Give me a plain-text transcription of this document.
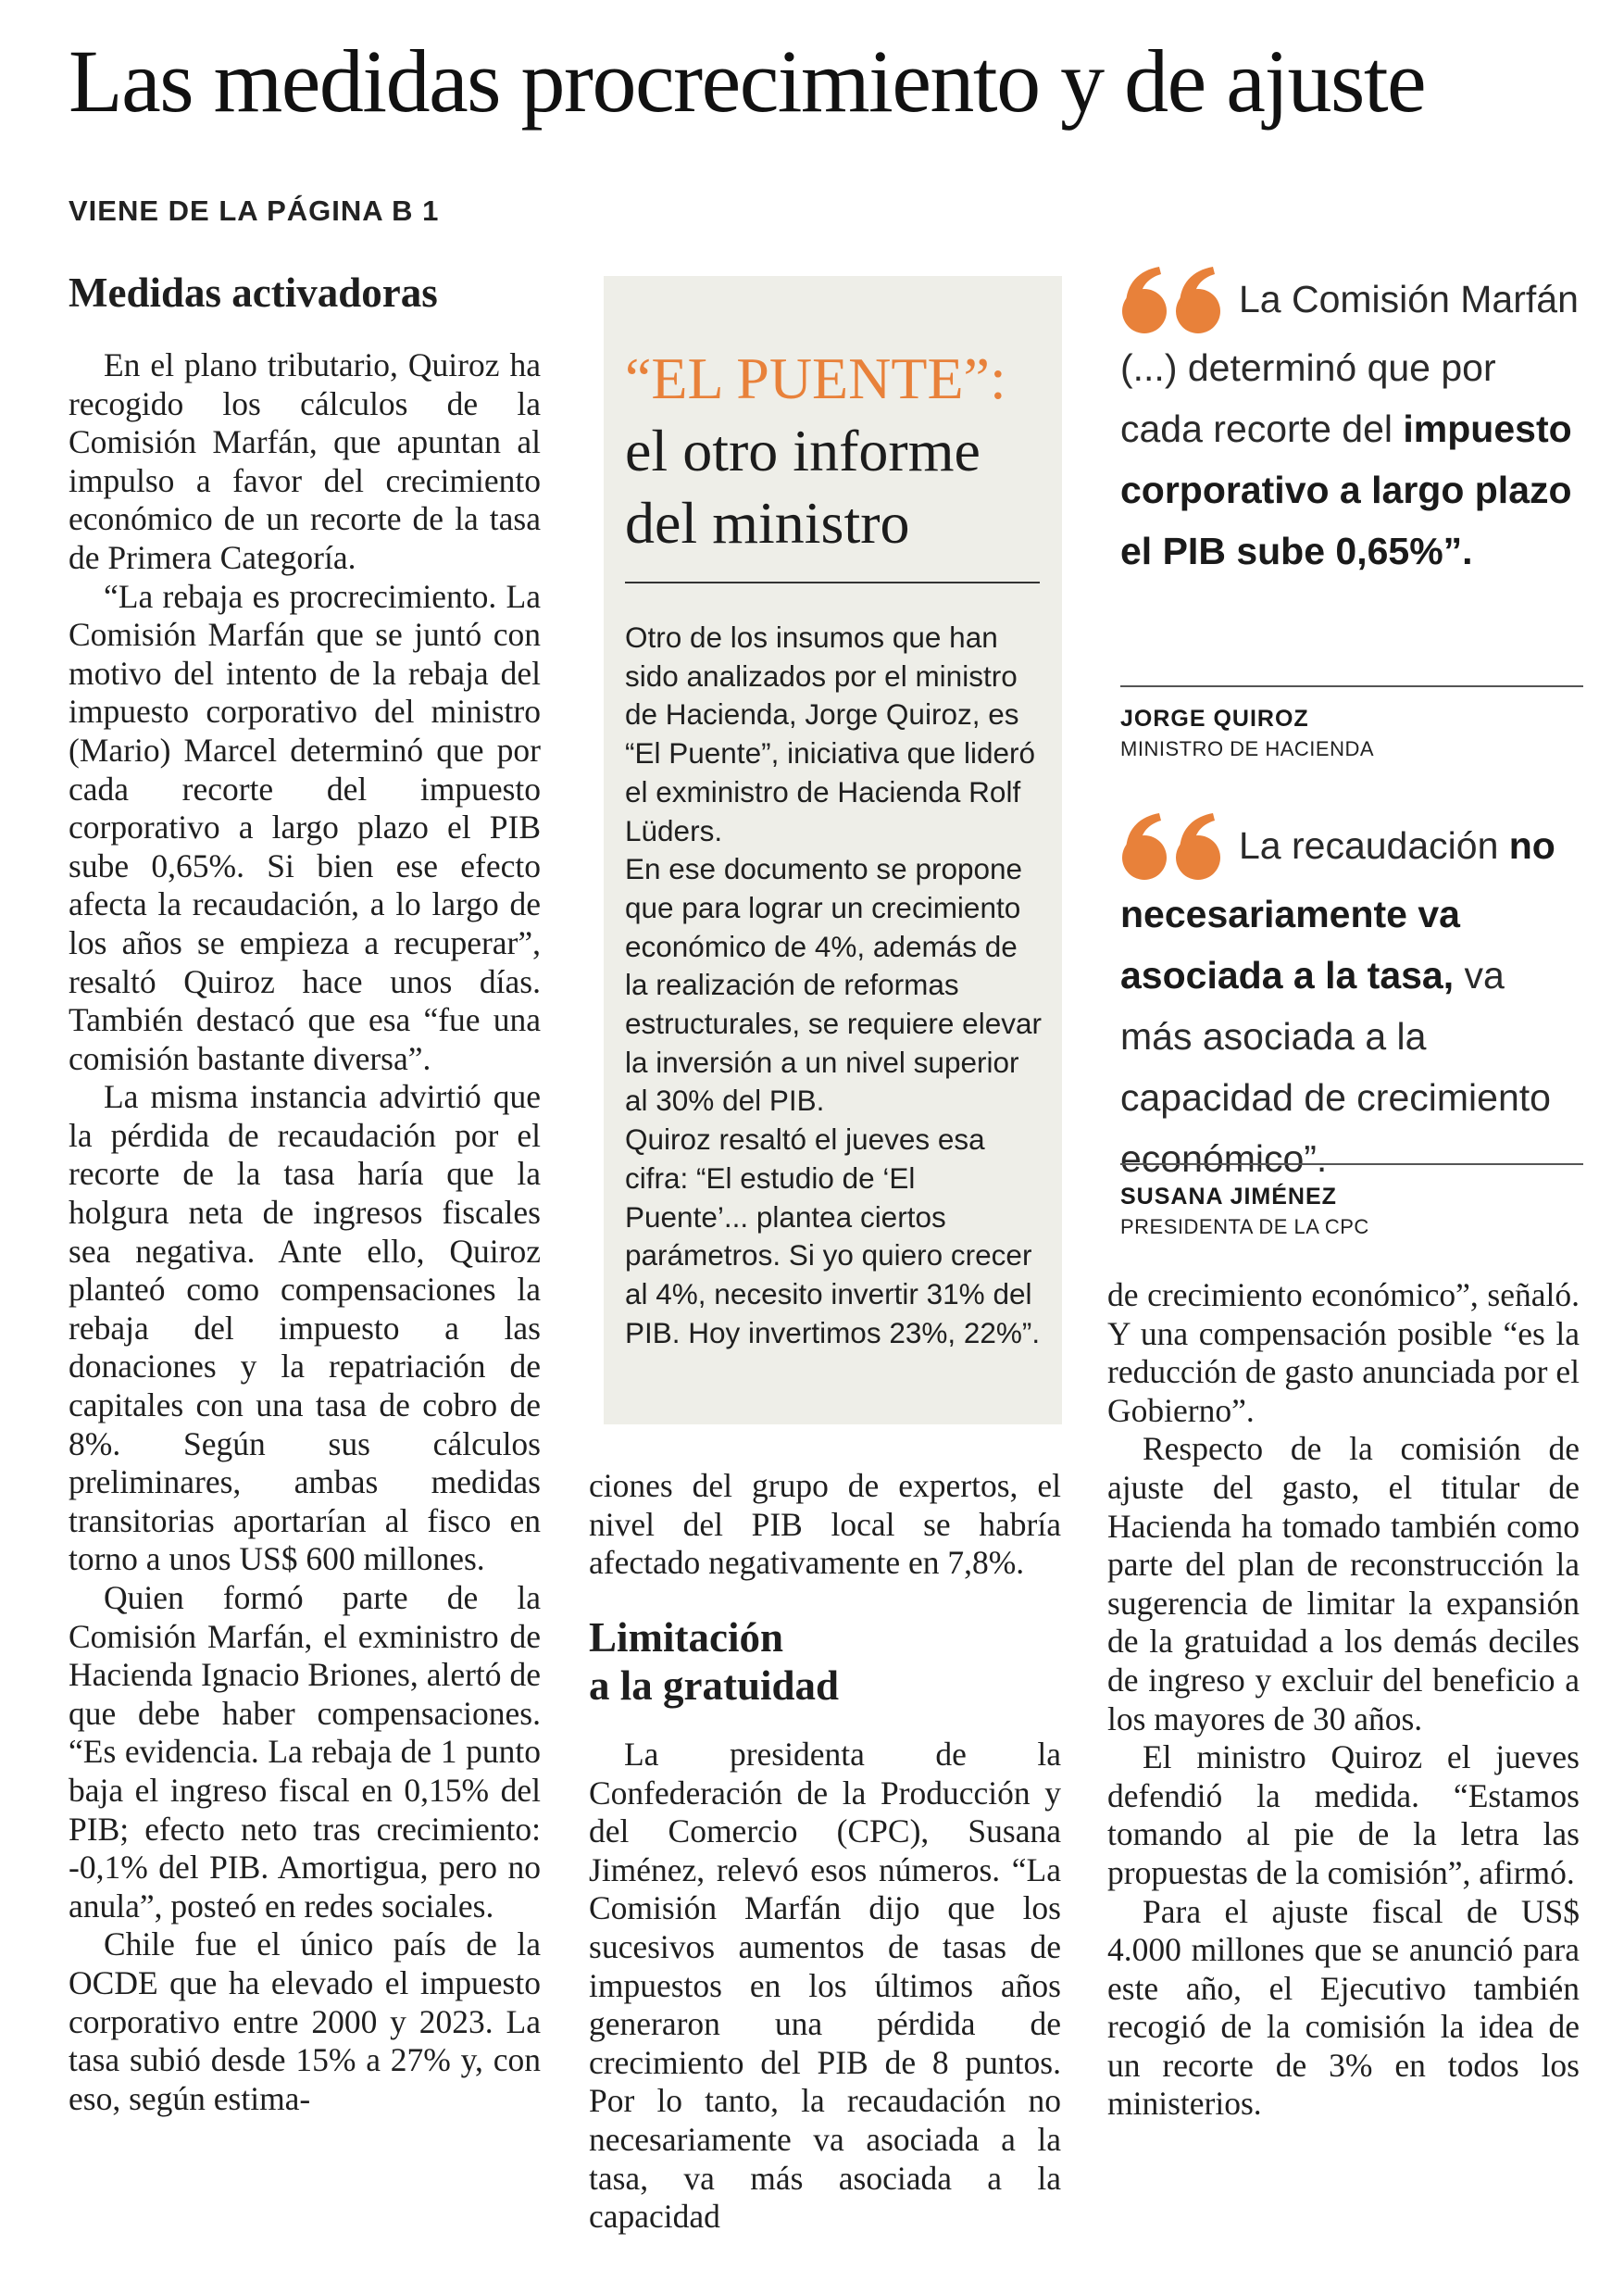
Las medidas procrecimiento y de ajuste

VIENE DE LA PÁGINA B 1

Medidas activadoras

En el plano tributario, Quiroz ha recogido los cálculos de la Comisión Marfán, que apuntan al impulso a favor del crecimiento económico de un recorte de la tasa de Primera Categoría.

“La rebaja es procrecimiento. La Comisión Marfán que se juntó con motivo del intento de la rebaja del impuesto corporativo del ministro (Mario) Marcel determinó que por cada recorte del impuesto corporativo a largo plazo el PIB sube 0,65%. Si bien ese efecto afecta la recaudación, a lo largo de los años se empieza a recuperar”, resaltó Quiroz hace unos días. También destacó que esa “fue una comisión bastante diversa”.

La misma instancia advirtió que la pérdida de recaudación por el recorte de la tasa haría que la holgura neta de ingresos fiscales sea negativa. Ante ello, Quiroz planteó como compensaciones la rebaja del impuesto a las donaciones y la repatriación de capitales con una tasa de cobro de 8%. Según sus cálculos preliminares, ambas medidas transitorias aportarían al fisco en torno a unos US$ 600 millones.

Quien formó parte de la Comisión Marfán, el exministro de Hacienda Ignacio Briones, alertó de que debe haber compensaciones. “Es evidencia. La rebaja de 1 punto baja el ingreso fiscal en 0,15% del PIB; efecto neto tras crecimiento: -0,1% del PIB. Amortigua, pero no anula”, posteó en redes sociales.

Chile fue el único país de la OCDE que ha elevado el impuesto corporativo entre 2000 y 2023. La tasa subió desde 15% a 27% y, con eso, según estima-

“EL PUENTE”:
el otro informe del ministro

Otro de los insumos que han sido analizados por el ministro de Hacienda, Jorge Quiroz, es “El Puente”, iniciativa que lideró el exministro de Hacienda Rolf Lüders.

En ese documento se propone que para lograr un crecimiento económico de 4%, además de la realización de reformas estructurales, se requiere elevar la inversión a un nivel superior al 30% del PIB.

Quiroz resaltó el jueves esa cifra: “El estudio de ‘El Puente’... plantea ciertos parámetros. Si yo quiero crecer al 4%, necesito invertir 31% del PIB. Hoy invertimos 23%, 22%”.

ciones del grupo de expertos, el nivel del PIB local se habría afectado negativamente en 7,8%.

Limitación
a la gratuidad

La presidenta de la Confederación de la Producción y del Comercio (CPC), Susana Jiménez, relevó esos números. “La Comisión Marfán dijo que los sucesivos aumentos de tasas de impuestos en los últimos años generaron una pérdida de crecimiento del PIB de 8 puntos. Por lo tanto, la recaudación no necesariamente va asociada a la tasa, va más asociada a la capacidad

La Comisión Marfán (...) determinó que por cada recorte del impuesto corporativo a largo plazo el PIB sube 0,65%”.

JORGE QUIROZ

MINISTRO DE HACIENDA

La recaudación no necesariamente va asociada a la tasa, va más asociada a la capacidad de crecimiento económico”.

SUSANA JIMÉNEZ

PRESIDENTA DE LA CPC

de crecimiento económico”, señaló. Y una compensación posible “es la reducción de gasto anunciada por el Gobierno”.

Respecto de la comisión de ajuste del gasto, el titular de Hacienda ha tomado también como parte del plan de reconstrucción la sugerencia de limitar la expansión de la gratuidad a los demás deciles de ingreso y excluir del beneficio a los mayores de 30 años.

El ministro Quiroz el jueves defendió la medida. “Estamos tomando al pie de la letra las propuestas de la comisión”, afirmó.

Para el ajuste fiscal de US$ 4.000 millones que se anunció para este año, el Ejecutivo también recogió de la comisión la idea de un recorte de 3% en todos los ministerios.
